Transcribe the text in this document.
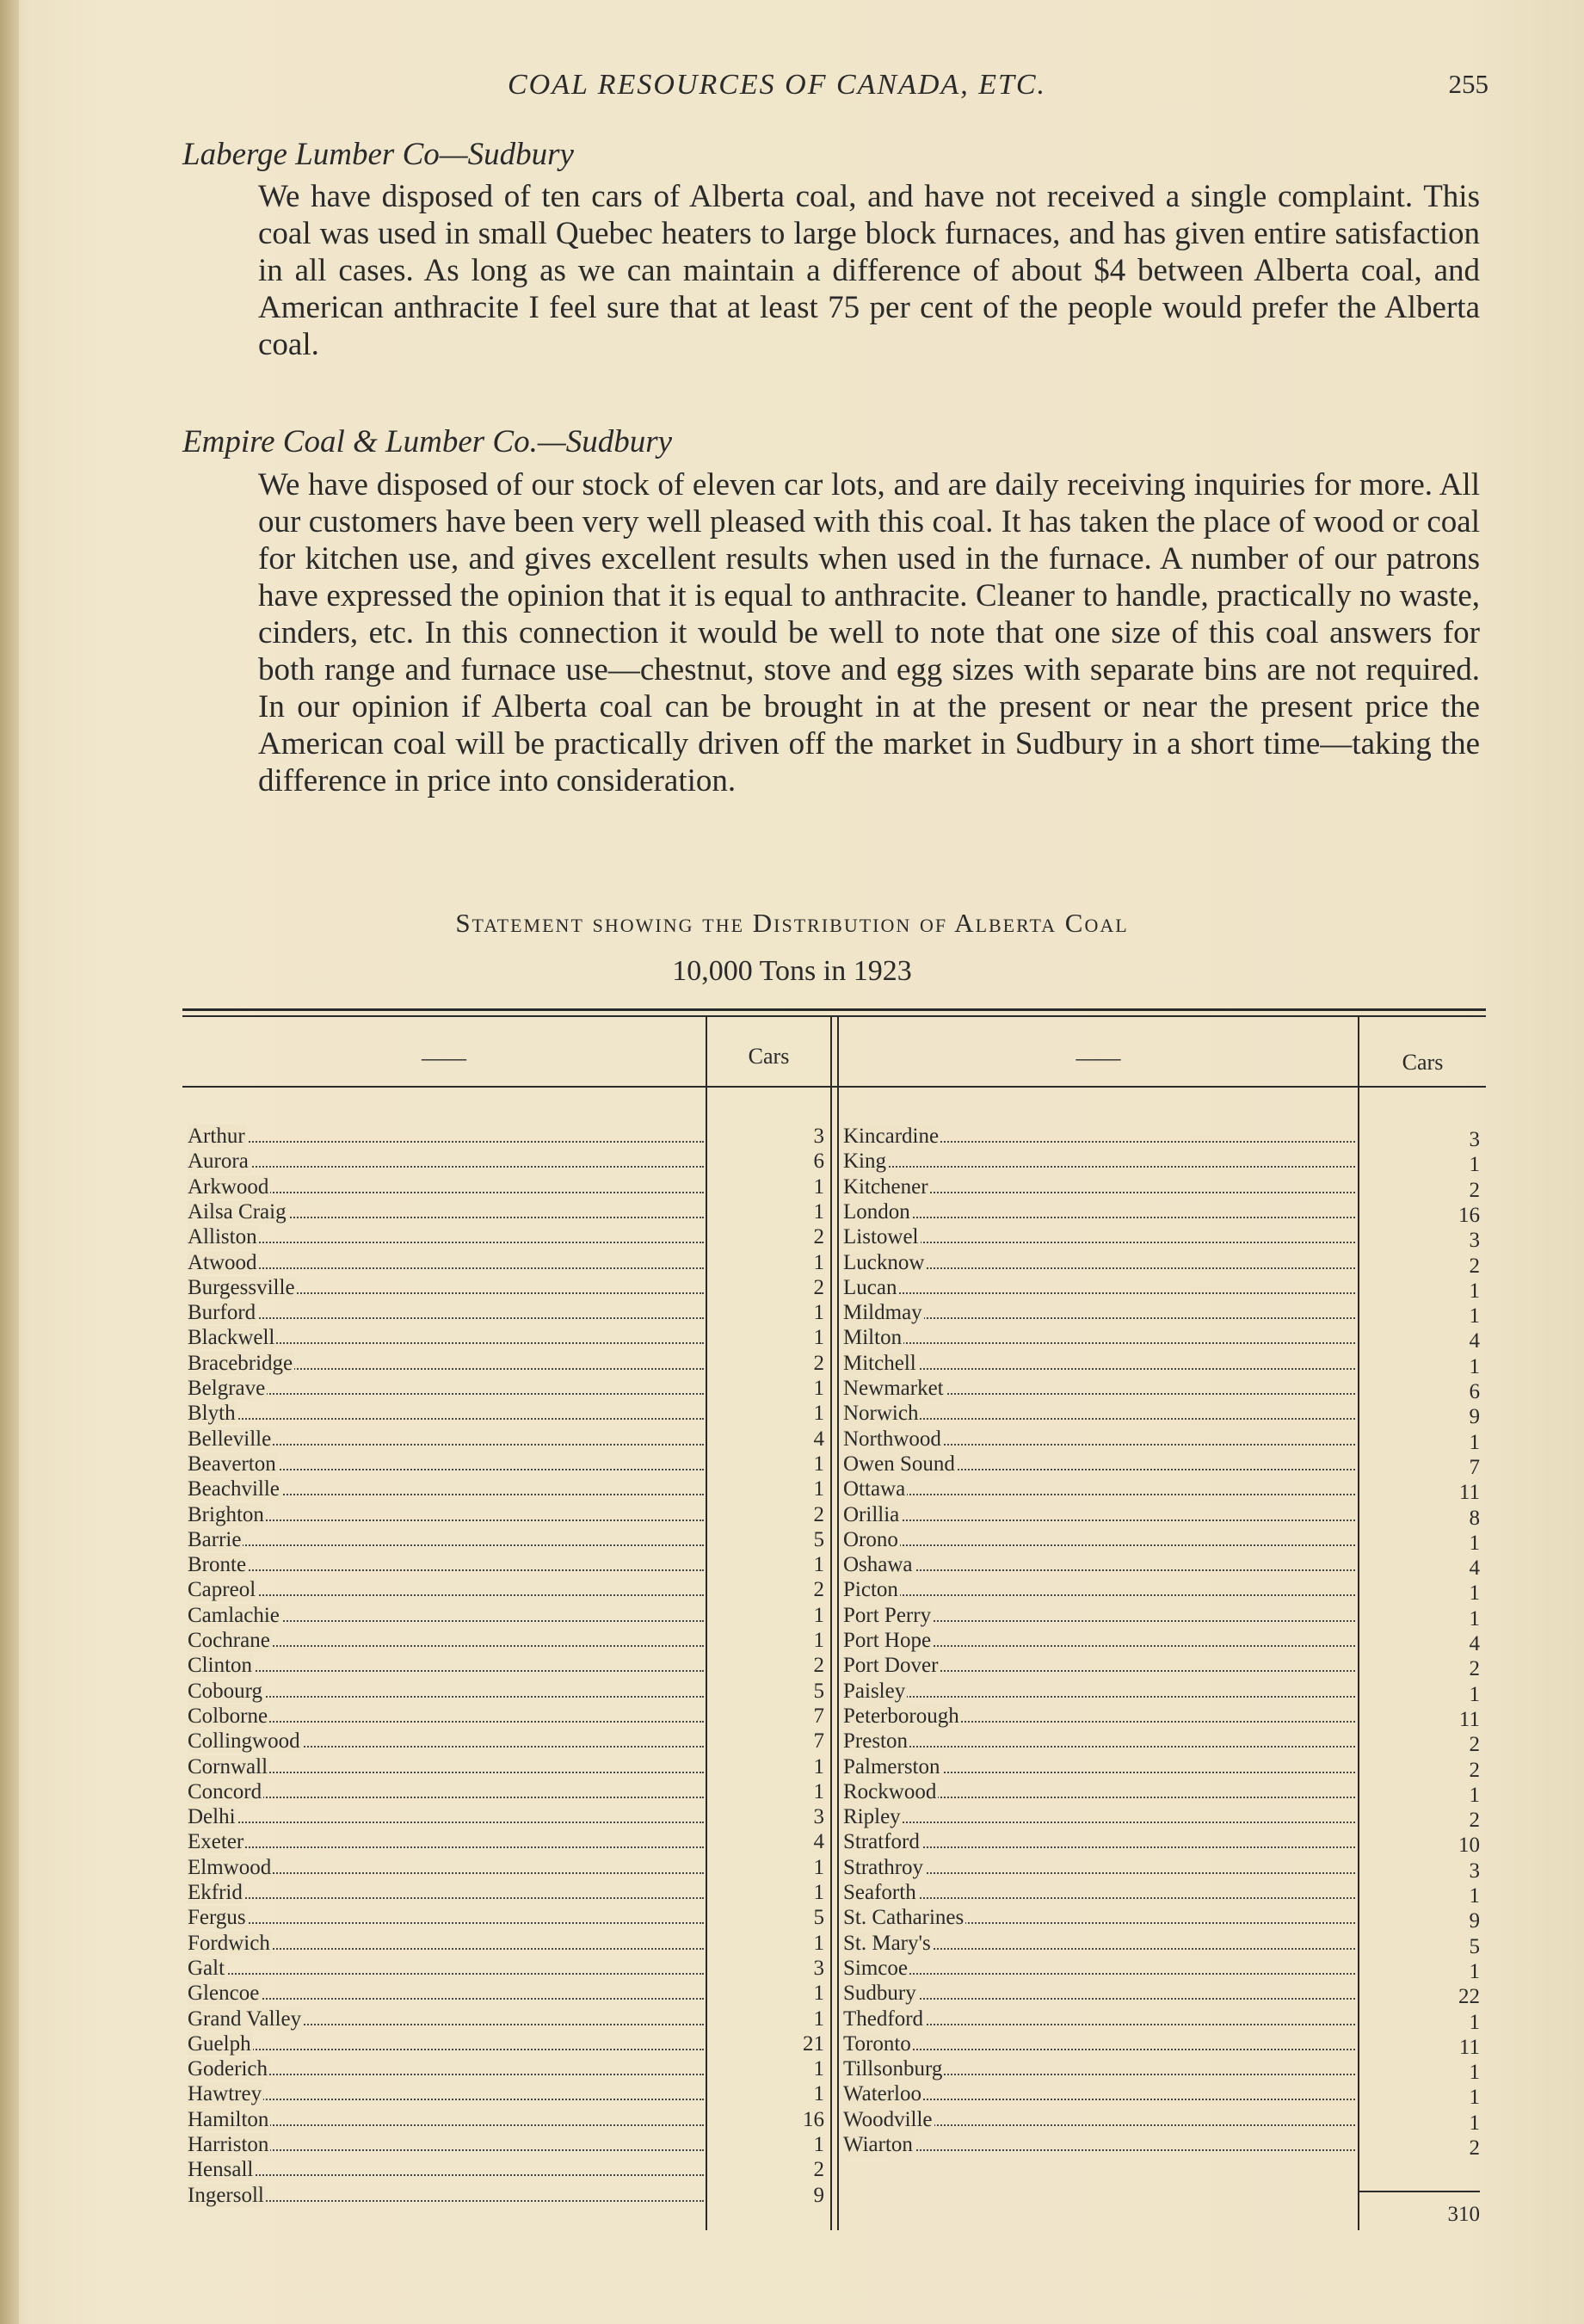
COAL RESOURCES OF CANADA, ETC.	255
Laberge Lumber Co—Sudbury
We have disposed of ten cars of Alberta coal, and have not received a single complaint. This coal was used in small Quebec heaters to large block furnaces, and has given entire satisfaction in all cases. As long as we can maintain a difference of about $4 between Alberta coal, and American anthracite I feel sure that at least 75 per cent of the people would prefer the Alberta coal.
Empire Coal & Lumber Co.—Sudbury
We have disposed of our stock of eleven car lots, and are daily receiving inquiries for more. All our customers have been very well pleased with this coal. It has taken the place of wood or coal for kitchen use, and gives excellent results when used in the furnace. A number of our patrons have expressed the opinion that it is equal to anthracite. Cleaner to handle, practically no waste, cinders, etc. In this connection it would be well to note that one size of this coal answers for both range and furnace use—chestnut, stove and egg sizes with separate bins are not required. In our opinion if Alberta coal can be brought in at the present or near the present price the American coal will be practically driven off the market in Sudbury in a short time—taking the difference in price into consideration.
Statement showing the Distribution of Alberta Coal
10,000 Tons in 1923
——	Cars	——	Cars
Arthur	3
Aurora	6
Arkwood	1
Ailsa Craig	1
Alliston	2
Atwood	1
Burgessville	2
Burford	1
Blackwell	1
Bracebridge	2
Belgrave	1
Blyth	1
Belleville	4
Beaverton	1
Beachville	1
Brighton	2
Barrie	5
Bronte	1
Capreol	2
Camlachie	1
Cochrane	1
Clinton	2
Cobourg	5
Colborne	7
Collingwood	7
Cornwall	1
Concord	1
Delhi	3
Exeter	4
Elmwood	1
Ekfrid	1
Fergus	5
Fordwich	1
Galt	3
Glencoe	1
Grand Valley	1
Guelph	21
Goderich	1
Hawtrey	1
Hamilton	16
Harriston	1
Hensall	2
Ingersoll	9
Kincardine	3
King	1
Kitchener	2
London	16
Listowel	3
Lucknow	2
Lucan	1
Mildmay	1
Milton	4
Mitchell	1
Newmarket	6
Norwich	9
Northwood	1
Owen Sound	7
Ottawa	11
Orillia	8
Orono	1
Oshawa	4
Picton	1
Port Perry	1
Port Hope	4
Port Dover	2
Paisley	1
Peterborough	11
Preston	2
Palmerston	2
Rockwood	1
Ripley	2
Stratford	10
Strathroy	3
Seaforth	1
St. Catharines	9
St. Mary's	5
Simcoe	1
Sudbury	22
Thedford	1
Toronto	11
Tillsonburg	1
Waterloo	1
Woodville	1
Wiarton	2
310
